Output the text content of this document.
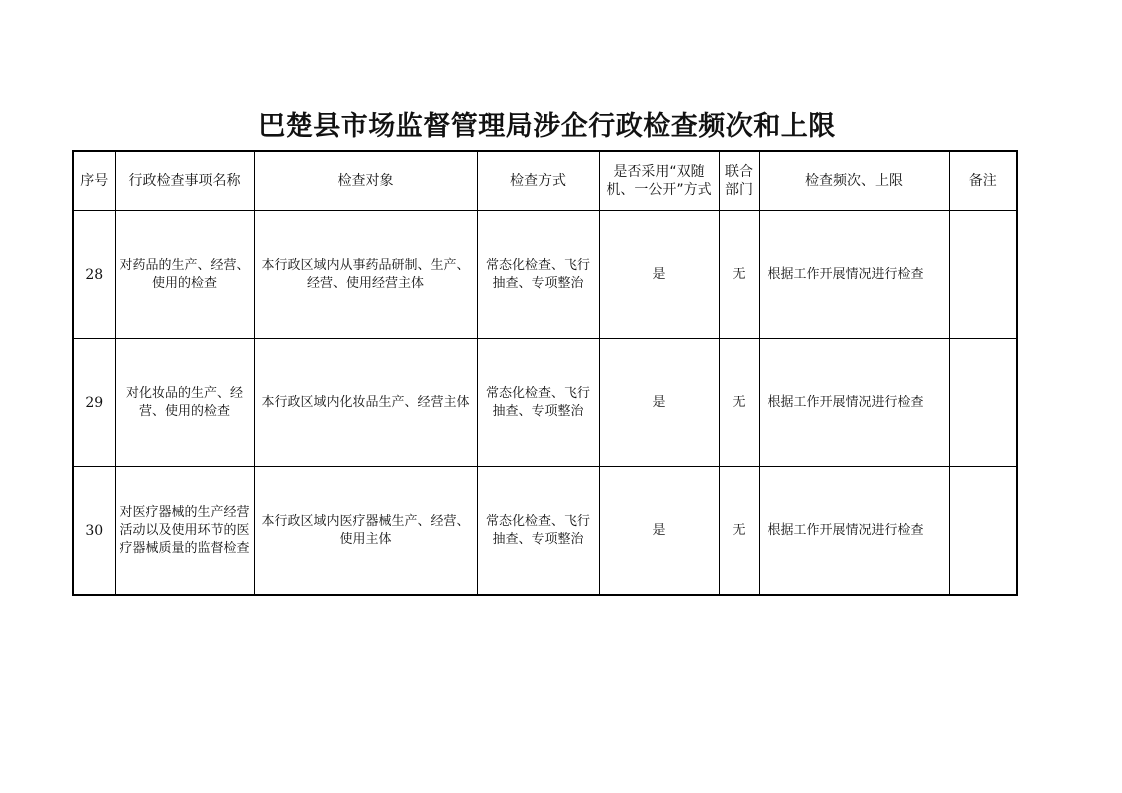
巴楚县市场监督管理局涉企行政检查频次和上限
序号	行政检查事项名称	检查对象	检查方式	是否采用“双随机、一公开”方式	联合部门	检查频次、上限	备注
28	对药品的生产、经营、使用的检查	本行政区域内从事药品研制、生产、经营、使用经营主体	常态化检查、飞行抽查、专项整治	是	无	根据工作开展情况进行检查	
29	对化妆品的生产、经营、使用的检查	本行政区域内化妆品生产、经营主体	常态化检查、飞行抽查、专项整治	是	无	根据工作开展情况进行检查	
30	对医疗器械的生产经营活动以及使用环节的医疗器械质量的监督检查	本行政区域内医疗器械生产、经营、使用主体	常态化检查、飞行抽查、专项整治	是	无	根据工作开展情况进行检查	
